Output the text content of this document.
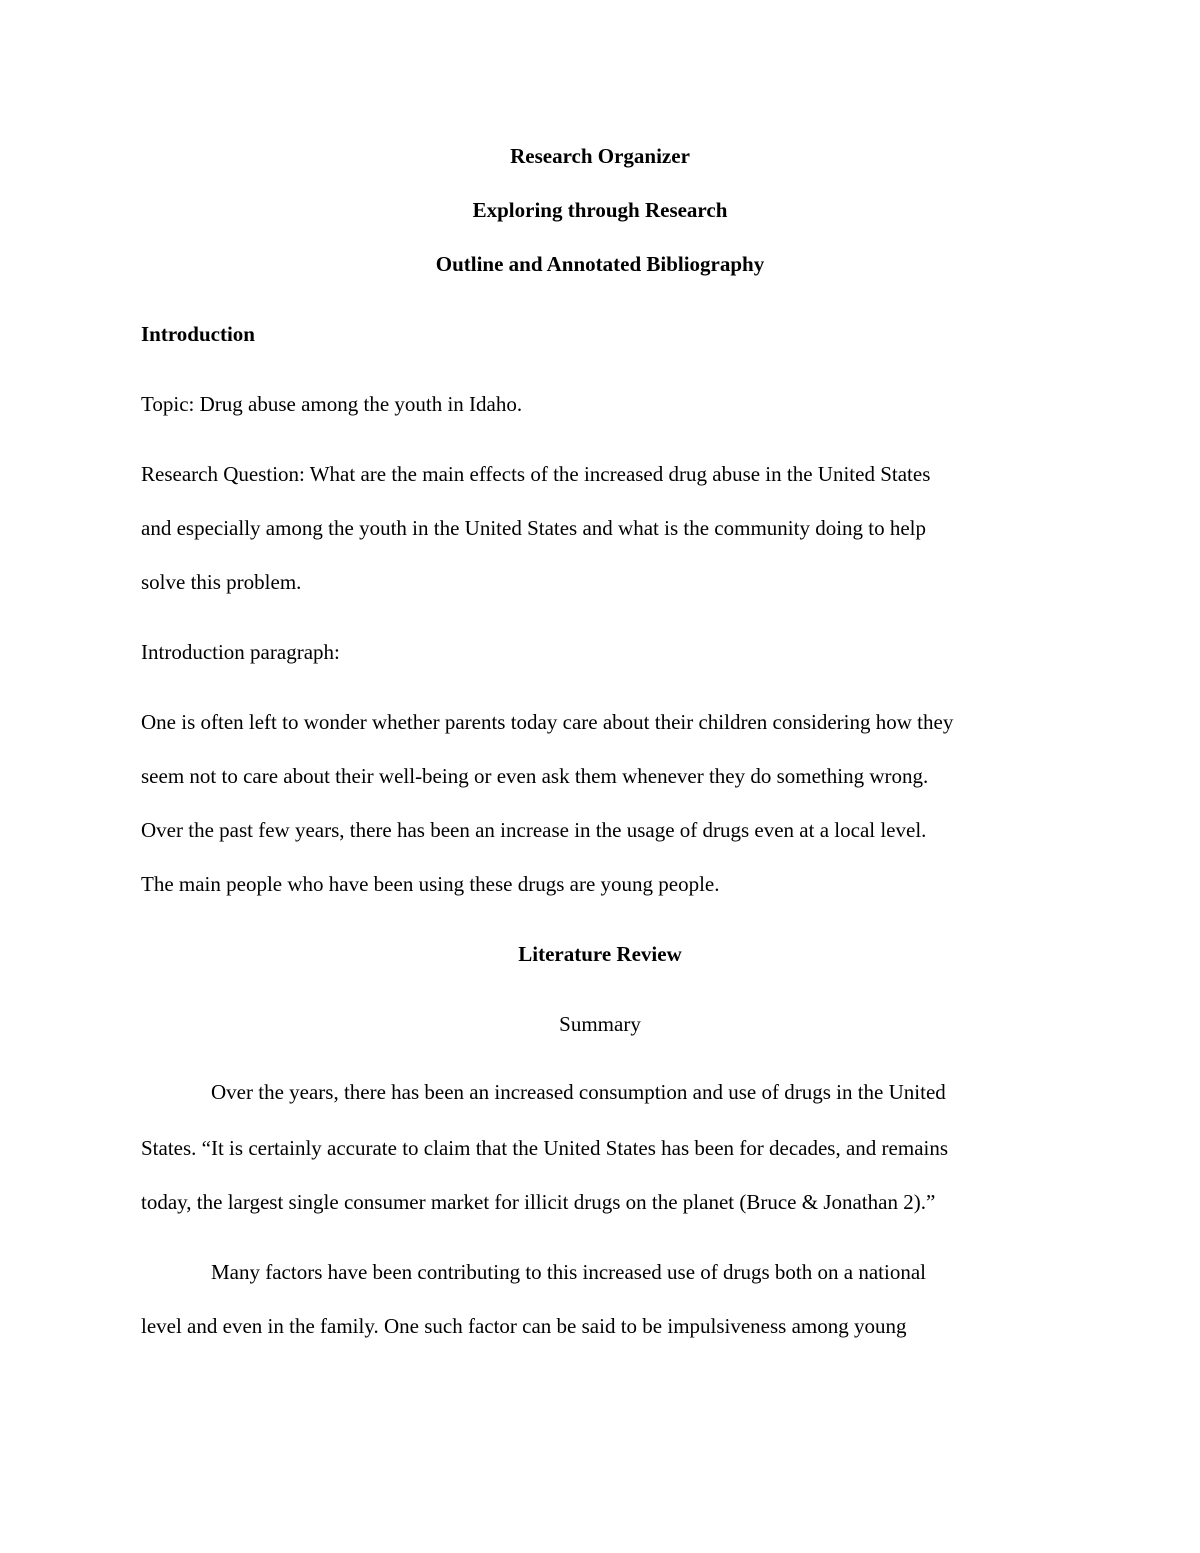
Research Organizer
Exploring through Research
Outline and Annotated Bibliography
Introduction
Topic: Drug abuse among the youth in Idaho.
Research Question: What are the main effects of the increased drug abuse in the United States
and especially among the youth in the United States and what is the community doing to help
solve this problem.
Introduction paragraph:
One is often left to wonder whether parents today care about their children considering how they
seem not to care about their well-being or even ask them whenever they do something wrong.
Over the past few years, there has been an increase in the usage of drugs even at a local level.
The main people who have been using these drugs are young people.
Literature Review
Summary
Over the years, there has been an increased consumption and use of drugs in the United
States. “It is certainly accurate to claim that the United States has been for decades, and remains
today, the largest single consumer market for illicit drugs on the planet (Bruce & Jonathan 2).”
Many factors have been contributing to this increased use of drugs both on a national
level and even in the family. One such factor can be said to be impulsiveness among young
